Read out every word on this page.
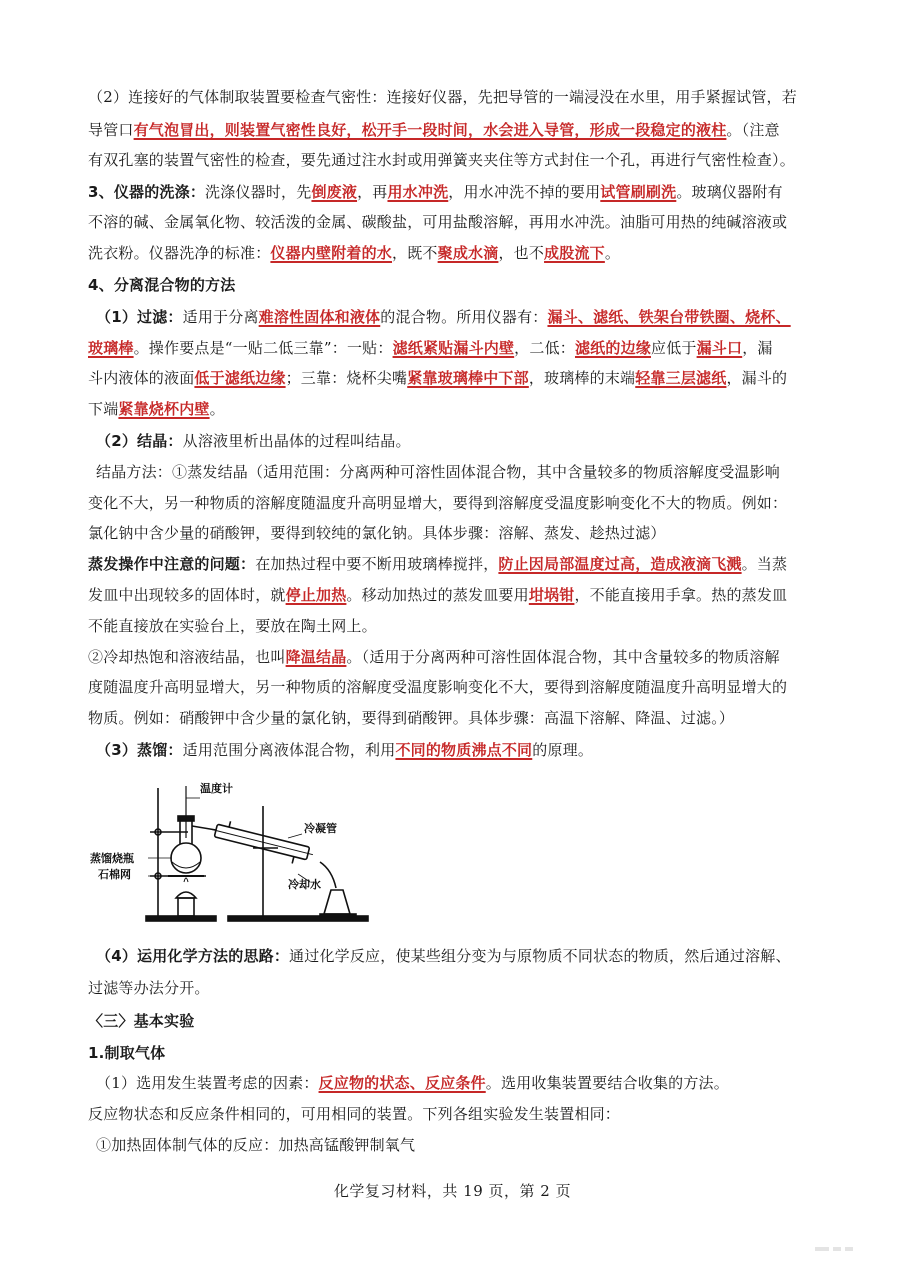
（2）连接好的气体制取装置要检查气密性：连接好仪器，先把导管的一端浸没在水里，用手紧握试管，若
导管口有气泡冒出，则装置气密性良好，松开手一段时间，水会进入导管，形成一段稳定的液柱。（注意
有双孔塞的装置气密性的检查，要先通过注水封或用弹簧夹夹住等方式封住一个孔，再进行气密性检查）。
3、仪器的洗涤：洗涤仪器时，先倒废液，再用水冲洗，用水冲洗不掉的要用试管刷刷洗。玻璃仪器附有
不溶的碱、金属氧化物、较活泼的金属、碳酸盐，可用盐酸溶解，再用水冲洗。油脂可用热的纯碱溶液或
洗衣粉。仪器洗净的标准：仪器内壁附着的水，既不聚成水滴，也不成股流下。
4、分离混合物的方法
（1）过滤：适用于分离难溶性固体和液体的混合物。所用仪器有：漏斗、滤纸、铁架台带铁圈、烧杯、
玻璃棒。操作要点是“一贴二低三靠”：一贴：滤纸紧贴漏斗内壁，二低：滤纸的边缘应低于漏斗口，漏
斗内液体的液面低于滤纸边缘；三靠：烧杯尖嘴紧靠玻璃棒中下部，玻璃棒的末端轻靠三层滤纸，漏斗的
下端紧靠烧杯内壁。
（2）结晶：从溶液里析出晶体的过程叫结晶。
结晶方法：①蒸发结晶（适用范围：分离两种可溶性固体混合物，其中含量较多的物质溶解度受温影响
变化不大，另一种物质的溶解度随温度升高明显增大，要得到溶解度受温度影响变化不大的物质。例如：
氯化钠中含少量的硝酸钾，要得到较纯的氯化钠。具体步骤：溶解、蒸发、趁热过滤）
蒸发操作中注意的问题：在加热过程中要不断用玻璃棒搅拌，防止因局部温度过高，造成液滴飞溅。当蒸
发皿中出现较多的固体时，就停止加热。移动加热过的蒸发皿要用坩埚钳，不能直接用手拿。热的蒸发皿
不能直接放在实验台上，要放在陶土网上。
②冷却热饱和溶液结晶，也叫降温结晶。（适用于分离两种可溶性固体混合物，其中含量较多的物质溶解
度随温度升高明显增大，另一种物质的溶解度受温度影响变化不大，要得到溶解度随温度升高明显增大的
物质。例如：硝酸钾中含少量的氯化钠，要得到硝酸钾。具体步骤：高温下溶解、降温、过滤。）
（3）蒸馏：适用范围分离液体混合物，利用不同的物质沸点不同的原理。
温度计
冷凝管
蒸馏烧瓶
石棉网
冷却水
（4）运用化学方法的思路：通过化学反应，使某些组分变为与原物质不同状态的物质，然后通过溶解、
过滤等办法分开。
〈三〉基本实验
1.制取气体
（1）选用发生装置考虑的因素：反应物的状态、反应条件。选用收集装置要结合收集的方法。
反应物状态和反应条件相同的，可用相同的装置。下列各组实验发生装置相同：
①加热固体制气体的反应：加热高锰酸钾制氧气
化学复习材料，共 19 页，第 2 页
